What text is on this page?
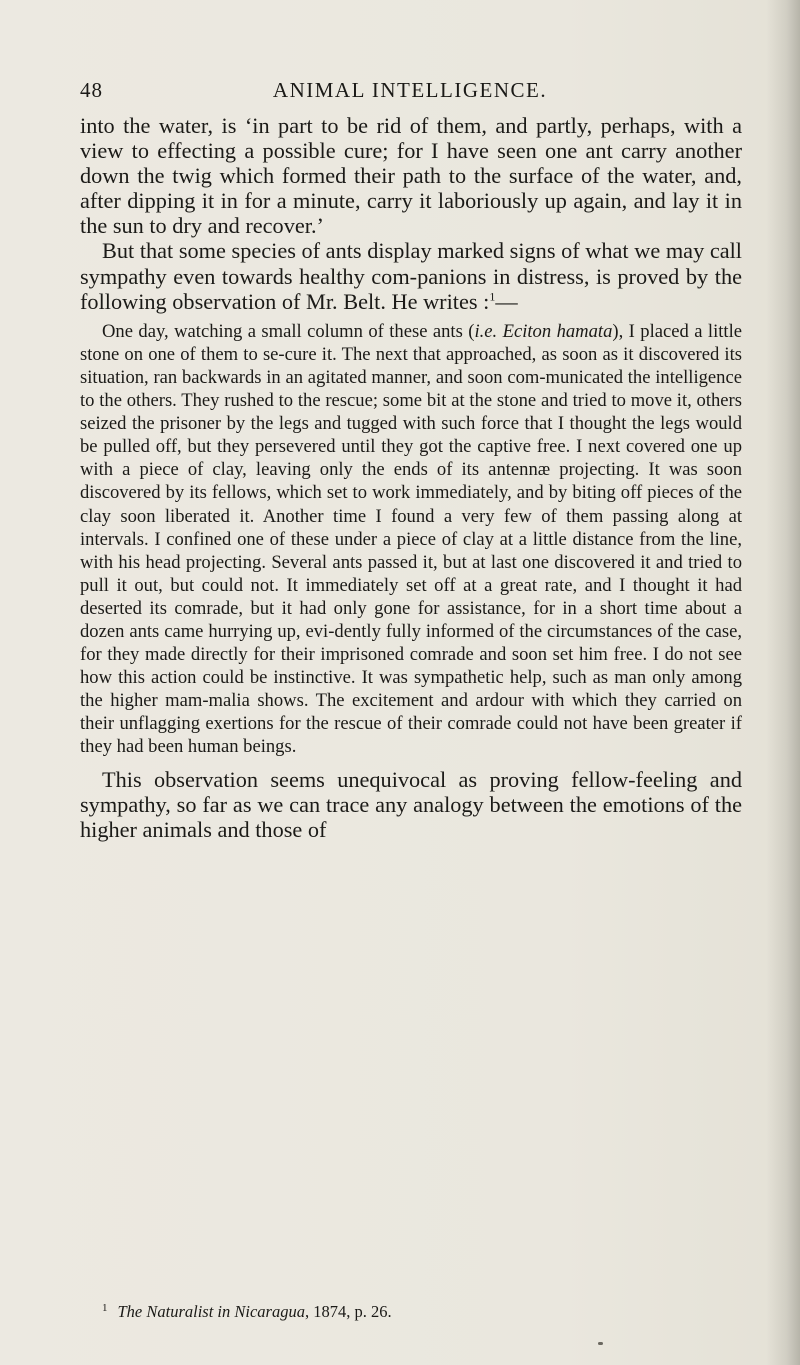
48	ANIMAL INTELLIGENCE.

into the water, is ‘in part to be rid of them, and partly, perhaps, with a view to effecting a possible cure; for I have seen one ant carry another down the twig which formed their path to the surface of the water, and, after dipping it in for a minute, carry it laboriously up again, and lay it in the sun to dry and recover.’

But that some species of ants display marked signs of what we may call sympathy even towards healthy com-panions in distress, is proved by the following observation of Mr. Belt. He writes :$^1$—

One day, watching a small column of these ants (i.e. Eciton hamata), I placed a little stone on one of them to se-cure it. The next that approached, as soon as it discovered its situation, ran backwards in an agitated manner, and soon com-municated the intelligence to the others. They rushed to the rescue; some bit at the stone and tried to move it, others seized the prisoner by the legs and tugged with such force that I thought the legs would be pulled off, but they persevered until they got the captive free. I next covered one up with a piece of clay, leaving only the ends of its antennæ projecting. It was soon discovered by its fellows, which set to work immediately, and by biting off pieces of the clay soon liberated it. Another time I found a very few of them passing along at intervals. I confined one of these under a piece of clay at a little distance from the line, with his head projecting. Several ants passed it, but at last one discovered it and tried to pull it out, but could not. It immediately set off at a great rate, and I thought it had deserted its comrade, but it had only gone for assistance, for in a short time about a dozen ants came hurrying up, evi-dently fully informed of the circumstances of the case, for they made directly for their imprisoned comrade and soon set him free. I do not see how this action could be instinctive. It was sympathetic help, such as man only among the higher mam-malia shows. The excitement and ardour with which they carried on their unflagging exertions for the rescue of their comrade could not have been greater if they had been human beings.

This observation seems unequivocal as proving fellow-feeling and sympathy, so far as we can trace any analogy between the emotions of the higher animals and those of

$^1$ The Naturalist in Nicaragua, 1874, p. 26.
